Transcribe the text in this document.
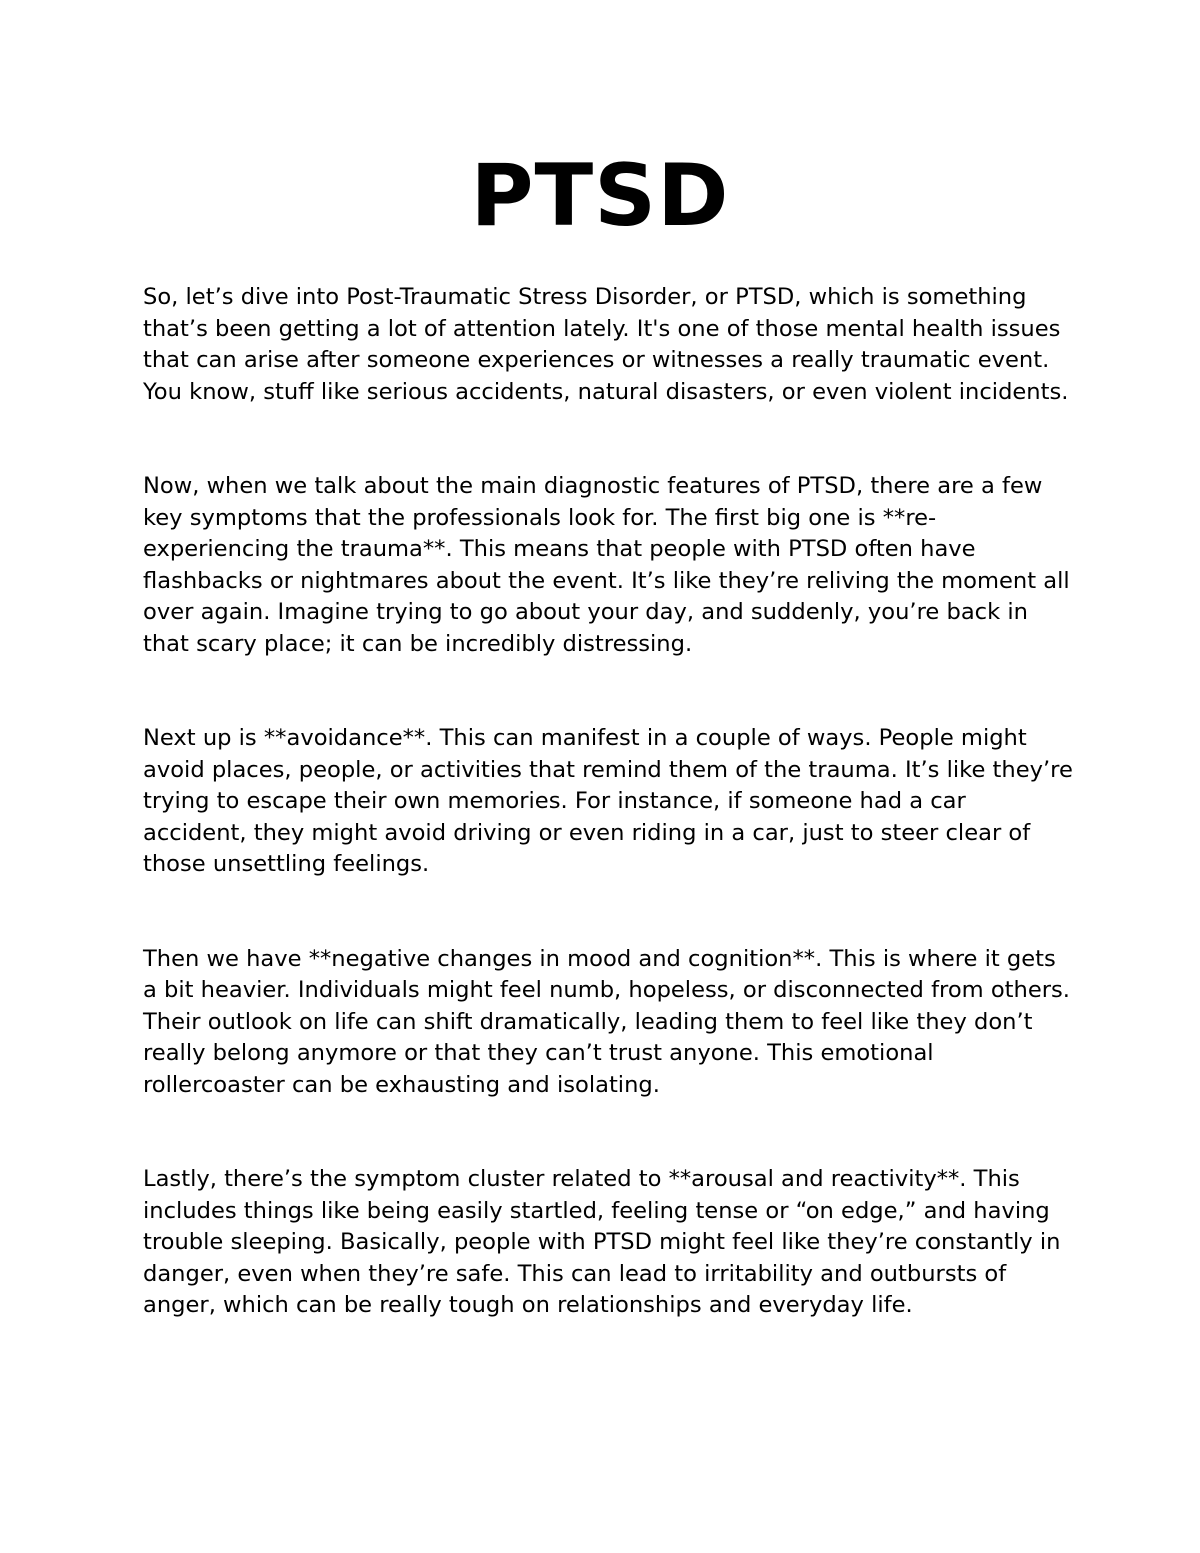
PTSD

So, let’s dive into Post-Traumatic Stress Disorder, or PTSD, which is something that’s been getting a lot of attention lately. It's one of those mental health issues that can arise after someone experiences or witnesses a really traumatic event. You know, stuff like serious accidents, natural disasters, or even violent incidents.

Now, when we talk about the main diagnostic features of PTSD, there are a few key symptoms that the professionals look for. The first big one is **re-experiencing the trauma**. This means that people with PTSD often have flashbacks or nightmares about the event. It’s like they’re reliving the moment all over again. Imagine trying to go about your day, and suddenly, you’re back in that scary place; it can be incredibly distressing.

Next up is **avoidance**. This can manifest in a couple of ways. People might avoid places, people, or activities that remind them of the trauma. It’s like they’re trying to escape their own memories. For instance, if someone had a car accident, they might avoid driving or even riding in a car, just to steer clear of those unsettling feelings.

Then we have **negative changes in mood and cognition**. This is where it gets a bit heavier. Individuals might feel numb, hopeless, or disconnected from others. Their outlook on life can shift dramatically, leading them to feel like they don’t really belong anymore or that they can’t trust anyone. This emotional rollercoaster can be exhausting and isolating.

Lastly, there’s the symptom cluster related to **arousal and reactivity**. This includes things like being easily startled, feeling tense or “on edge,” and having trouble sleeping. Basically, people with PTSD might feel like they’re constantly in danger, even when they’re safe. This can lead to irritability and outbursts of anger, which can be really tough on relationships and everyday life.
